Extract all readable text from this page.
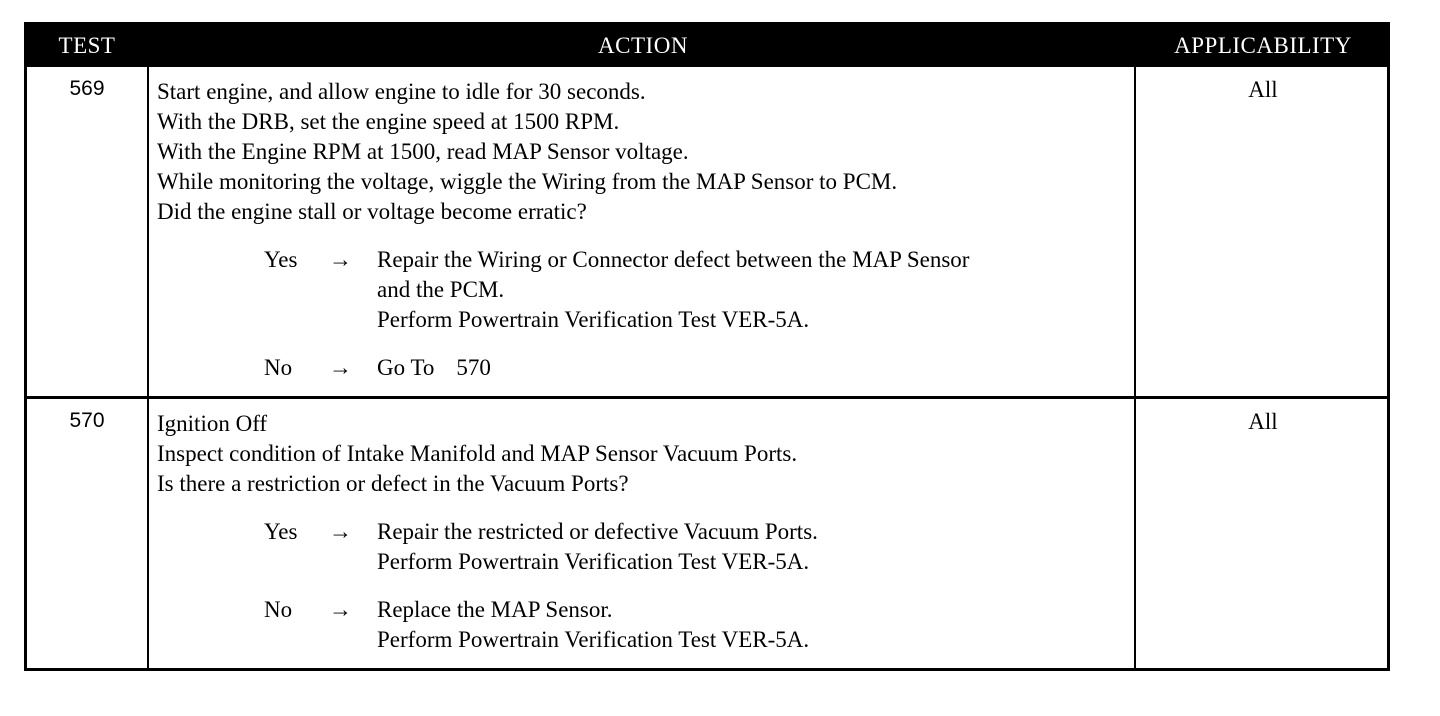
TEST	ACTION	APPLICABILITY
569	Start engine, and allow engine to idle for 30 seconds.
With the DRB, set the engine speed at 1500 RPM.
With the Engine RPM at 1500, read MAP Sensor voltage.
While monitoring the voltage, wiggle the Wiring from the MAP Sensor to PCM.
Did the engine stall or voltage become erratic?
Yes	→	Repair the Wiring or Connector defect between the MAP Sensor
and the PCM.
Perform Powertrain Verification Test VER-5A.
No	→	Go To 570
All
570	Ignition Off
Inspect condition of Intake Manifold and MAP Sensor Vacuum Ports.
Is there a restriction or defect in the Vacuum Ports?
Yes	→	Repair the restricted or defective Vacuum Ports.
Perform Powertrain Verification Test VER-5A.
No	→	Replace the MAP Sensor.
Perform Powertrain Verification Test VER-5A.
All
